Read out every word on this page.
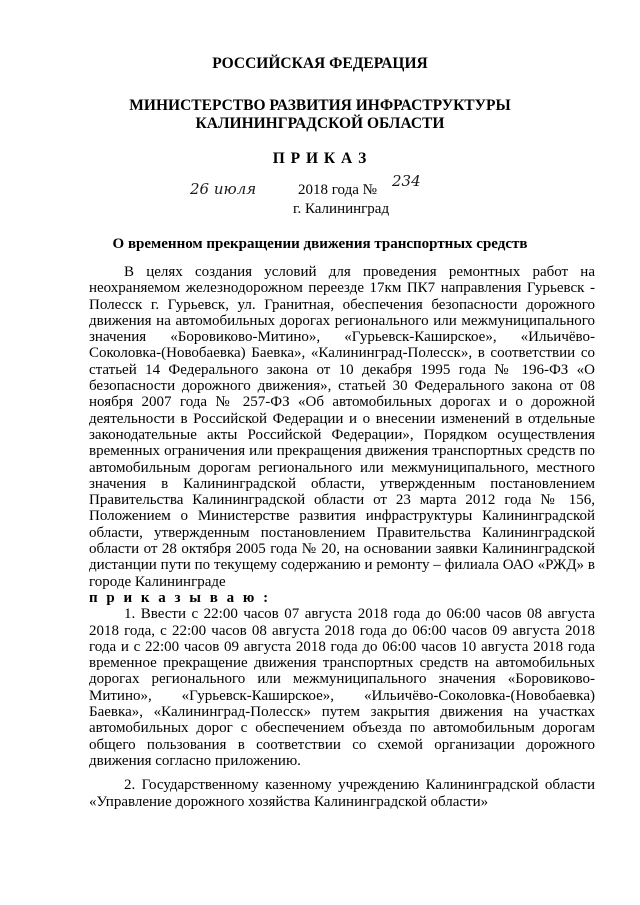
РОССИЙСКАЯ ФЕДЕРАЦИЯ
МИНИСТЕРСТВО РАЗВИТИЯ ИНФРАСТРУКТУРЫ
КАЛИНИНГРАДСКОЙ ОБЛАСТИ
П Р И К А З
26 июля	2018 года № 234
г. Калининград
О временном прекращении движения транспортных средств

В целях создания условий для проведения ремонтных работ на неохраняемом железнодорожном переезде 17км ПК7 направления Гурьевск - Полесск г. Гурьевск, ул. Гранитная, обеспечения безопасности дорожного движения на автомобильных дорогах регионального или межмуниципального значения «Боровиково-Митино», «Гурьевск-Каширское», «Ильичёво-Соколовка-(Новобаевка) Баевка», «Калининград-Полесск», в соответствии со статьей 14 Федерального закона от 10 декабря 1995 года № 196-ФЗ «О безопасности дорожного движения», статьей 30 Федерального закона от 08 ноября 2007 года № 257-ФЗ «Об автомобильных дорогах и о дорожной деятельности в Российской Федерации и о внесении изменений в отдельные законодательные акты Российской Федерации», Порядком осуществления временных ограничения или прекращения движения транспортных средств по автомобильным дорогам регионального или межмуниципального, местного значения в Калининградской области, утвержденным постановлением Правительства Калининградской области от 23 марта 2012 года № 156, Положением о Министерстве развития инфраструктуры Калининградской области, утвержденным постановлением Правительства Калининградской области от 28 октября 2005 года № 20, на основании заявки Калининградской дистанции пути по текущему содержанию и ремонту – филиала ОАО «РЖД» в городе Калининграде

п р и к а з ы в а ю :

1. Ввести с 22:00 часов 07 августа 2018 года до 06:00 часов 08 августа 2018 года, с 22:00 часов 08 августа 2018 года до 06:00 часов 09 августа 2018 года и с 22:00 часов 09 августа 2018 года до 06:00 часов 10 августа 2018 года временное прекращение движения транспортных средств на автомобильных дорогах регионального или межмуниципального значения «Боровиково-Митино», «Гурьевск-Каширское», «Ильичёво-Соколовка-(Новобаевка) Баевка», «Калининград-Полесск» путем закрытия движения на участках автомобильных дорог с обеспечением объезда по автомобильным дорогам общего пользования в соответствии со схемой организации дорожного движения согласно приложению.

2. Государственному казенному учреждению Калининградской области «Управление дорожного хозяйства Калининградской области»
